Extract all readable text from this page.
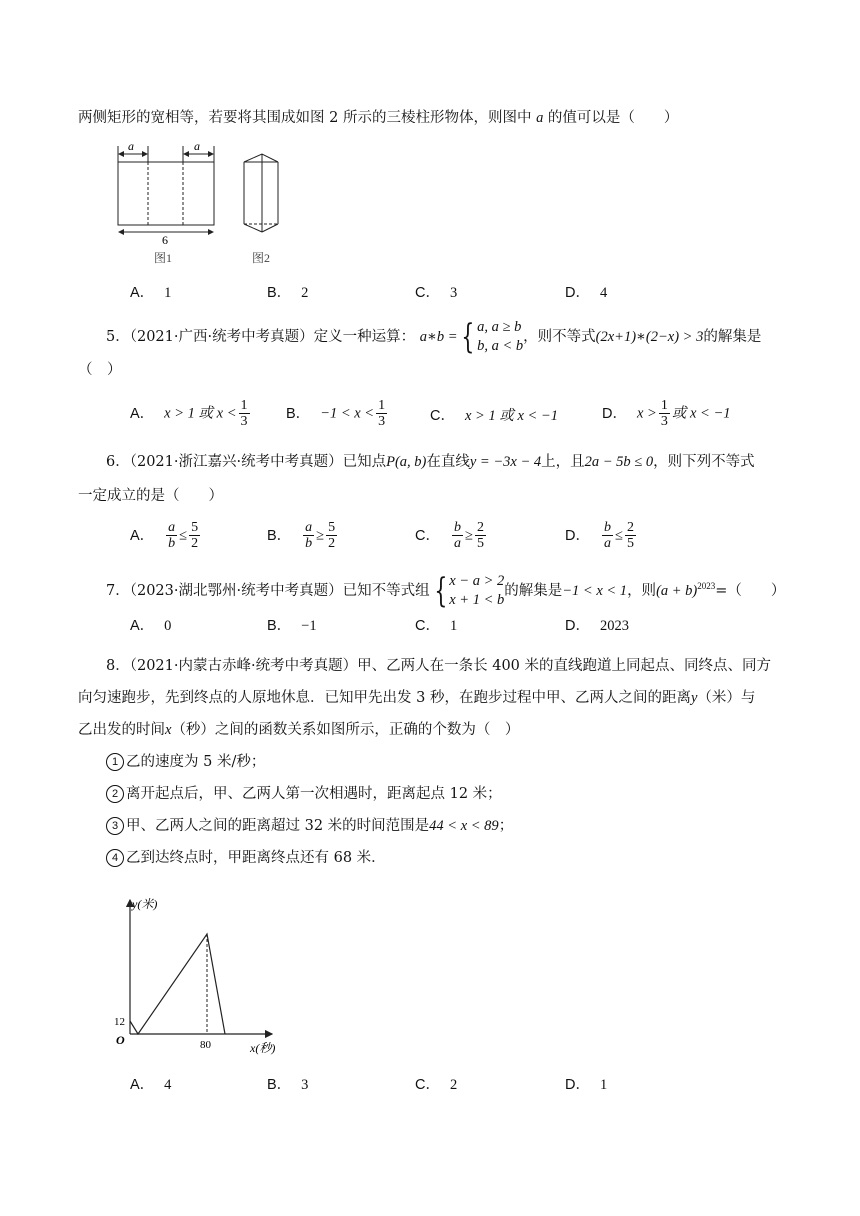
两侧矩形的宽相等，若要将其围成如图 2 所示的三棱柱形物体，则图中 a 的值可以是（　　）
a	a
6
图1	图2
A． 1	B． 2	C． 3	D． 4
5．（2021·广西·统考中考真题）定义一种运算： a∗b = { a, a ≥ b
b, a < b，则不等式(2x+1)∗(2−x) > 3的解集是
（　）
A． x > 1 或 $x < \frac{1}{3}$	B． $-1 < x < \frac{1}{3}$	C． x > 1 或 x < −1	D． $x > \frac{1}{3}$ 或 x < −1
6．（2021·浙江嘉兴·统考中考真题）已知点P(a, b)在直线y = −3x − 4上，且2a − 5b ≤ 0，则下列不等式
一定成立的是（　　）
A． $\frac{a}{b} \le \frac{5}{2}$	B． $\frac{a}{b} \ge \frac{5}{2}$	C． $\frac{b}{a} \ge \frac{2}{5}$	D． $\frac{b}{a} \le \frac{2}{5}$
7．（2023·湖北鄂州·统考中考真题）已知不等式组 { x − a > 2
x + 1 < b的解集是−1 < x < 1，则$(a + b)^{2023}=$（　　）
A． 0	B． −1	C． 1	D． 2023
8．（2021·内蒙古赤峰·统考中考真题）甲、乙两人在一条长 400 米的直线跑道上同起点、同终点、同方
向匀速跑步，先到终点的人原地休息．已知甲先出发 3 秒，在跑步过程中甲、乙两人之间的距离y（米）与
乙出发的时间x（秒）之间的函数关系如图所示，正确的个数为（　）
1 乙的速度为 5 米/秒；
2 离开起点后，甲、乙两人第一次相遇时，距离起点 12 米；
3 甲、乙两人之间的距离超过 32 米的时间范围是44 < x < 89；
4 乙到达终点时，甲距离终点还有 68 米．
y(米)
x(秒)
O
12
80
A． 4	B． 3	C． 2	D． 1
